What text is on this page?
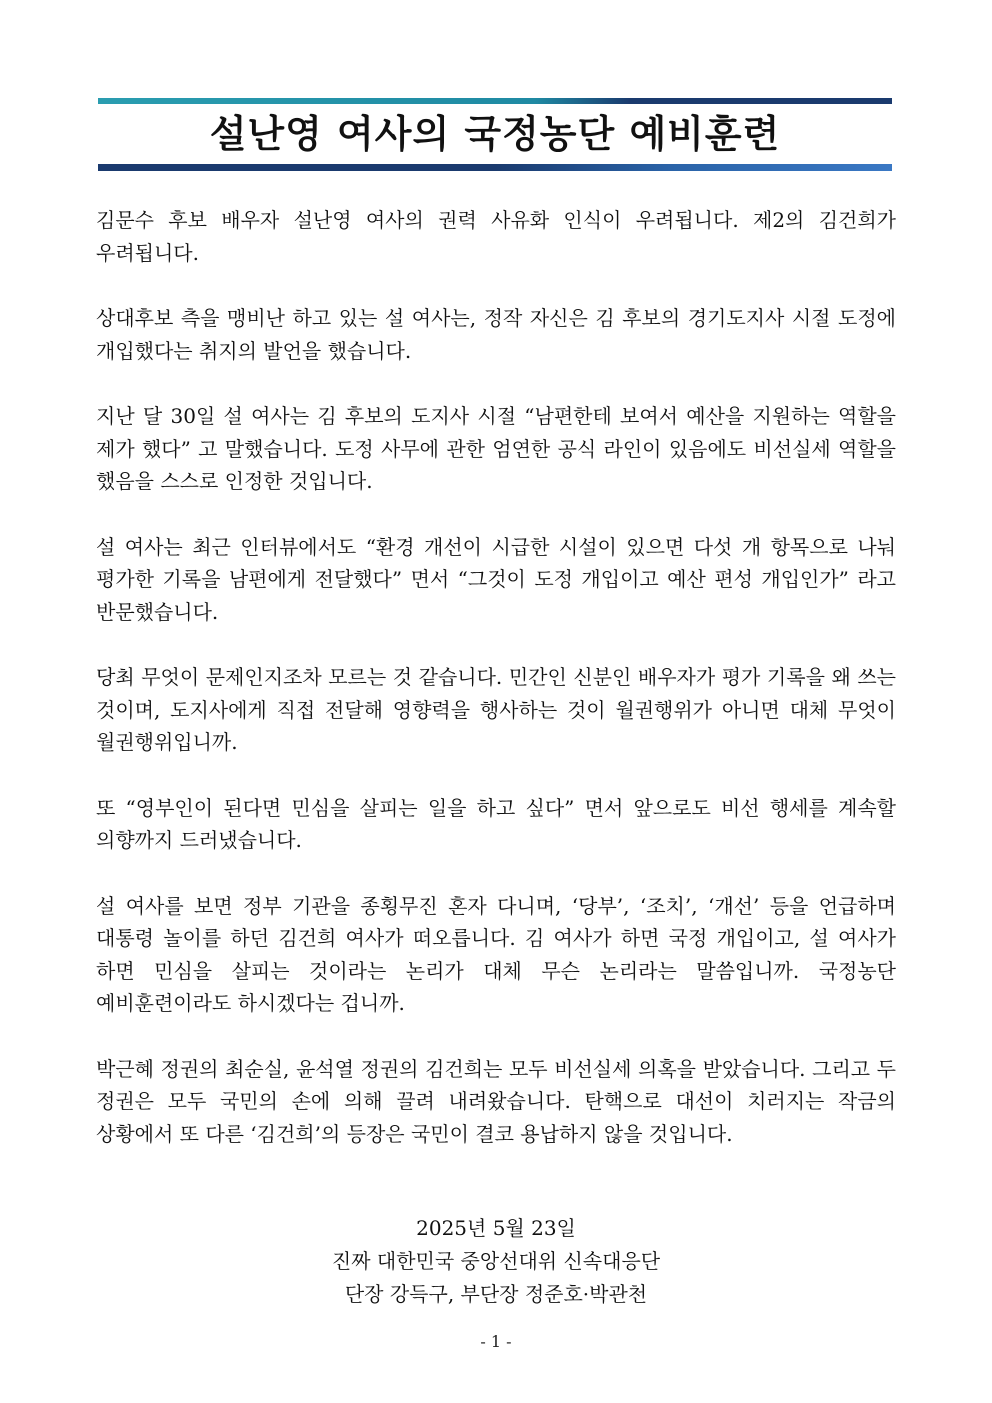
설난영 여사의 국정농단 예비훈련

김문수 후보 배우자 설난영 여사의 권력 사유화 인식이 우려됩니다. 제2의 김건희가 우려됩니다.

상대후보 측을 맹비난 하고 있는 설 여사는, 정작 자신은 김 후보의 경기도지사 시절 도정에 개입했다는 취지의 발언을 했습니다.

지난 달 30일 설 여사는 김 후보의 도지사 시절 “남편한테 보여서 예산을 지원하는 역할을 제가 했다” 고 말했습니다. 도정 사무에 관한 엄연한 공식 라인이 있음에도 비선실세 역할을 했음을 스스로 인정한 것입니다.

설 여사는 최근 인터뷰에서도 “환경 개선이 시급한 시설이 있으면 다섯 개 항목으로 나눠 평가한 기록을 남편에게 전달했다” 면서 “그것이 도정 개입이고 예산 편성 개입인가” 라고 반문했습니다.

당최 무엇이 문제인지조차 모르는 것 같습니다. 민간인 신분인 배우자가 평가 기록을 왜 쓰는 것이며, 도지사에게 직접 전달해 영향력을 행사하는 것이 월권행위가 아니면 대체 무엇이 월권행위입니까.

또 “영부인이 된다면 민심을 살피는 일을 하고 싶다” 면서 앞으로도 비선 행세를 계속할 의향까지 드러냈습니다.

설 여사를 보면 정부 기관을 종횡무진 혼자 다니며, ‘당부’, ‘조치’, ‘개선’ 등을 언급하며 대통령 놀이를 하던 김건희 여사가 떠오릅니다. 김 여사가 하면 국정 개입이고, 설 여사가 하면 민심을 살피는 것이라는 논리가 대체 무슨 논리라는 말씀입니까. 국정농단 예비훈련이라도 하시겠다는 겁니까.

박근혜 정권의 최순실, 윤석열 정권의 김건희는 모두 비선실세 의혹을 받았습니다. 그리고 두 정권은 모두 국민의 손에 의해 끌려 내려왔습니다. 탄핵으로 대선이 치러지는 작금의 상황에서 또 다른 ‘김건희’의 등장은 국민이 결코 용납하지 않을 것입니다.

2025년 5월 23일
진짜 대한민국 중앙선대위 신속대응단
단장 강득구, 부단장 정준호·박관천
- 1 -
